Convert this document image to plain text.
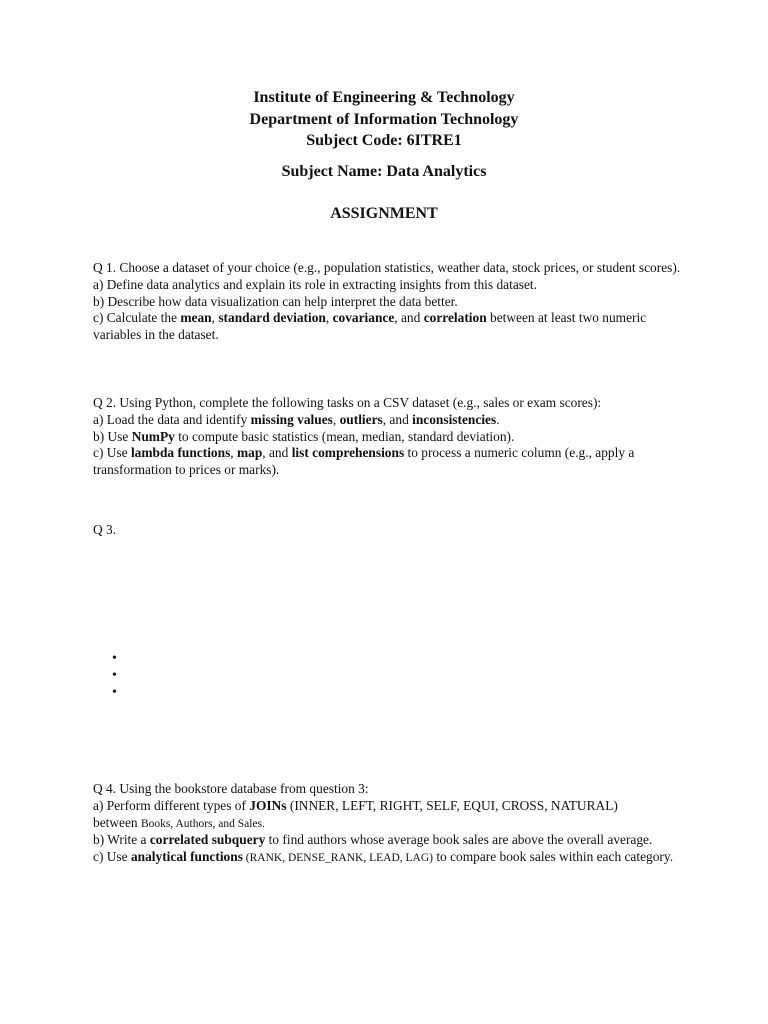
Institute of Engineering & Technology
Department of Information Technology
Subject Code: 6ITRE1
Subject Name: Data Analytics
ASSIGNMENT

Q 1. Choose a dataset of your choice (e.g., population statistics, weather data, stock prices, or student scores).

a) Define data analytics and explain its role in extracting insights from this dataset.

b) Describe how data visualization can help interpret the data better.

c) Calculate the mean, standard deviation, covariance, and correlation between at least two numeric variables in the dataset.

Q 2. Using Python, complete the following tasks on a CSV dataset (e.g., sales or exam scores):

a) Load the data and identify missing values, outliers, and inconsistencies.

b) Use NumPy to compute basic statistics (mean, median, standard deviation).

c) Use lambda functions, map, and list comprehensions to process a numeric column (e.g., apply a transformation to prices or marks).

Q 3.

•
•
•

Q 4. Using the bookstore database from question 3:

a) Perform different types of JOINs (INNER, LEFT, RIGHT, SELF, EQUI, CROSS, NATURAL)
between Books, Authors, and Sales.

b) Write a correlated subquery to find authors whose average book sales are above the overall average.

c) Use analytical functions (RANK, DENSE_RANK, LEAD, LAG) to compare book sales within each category.
